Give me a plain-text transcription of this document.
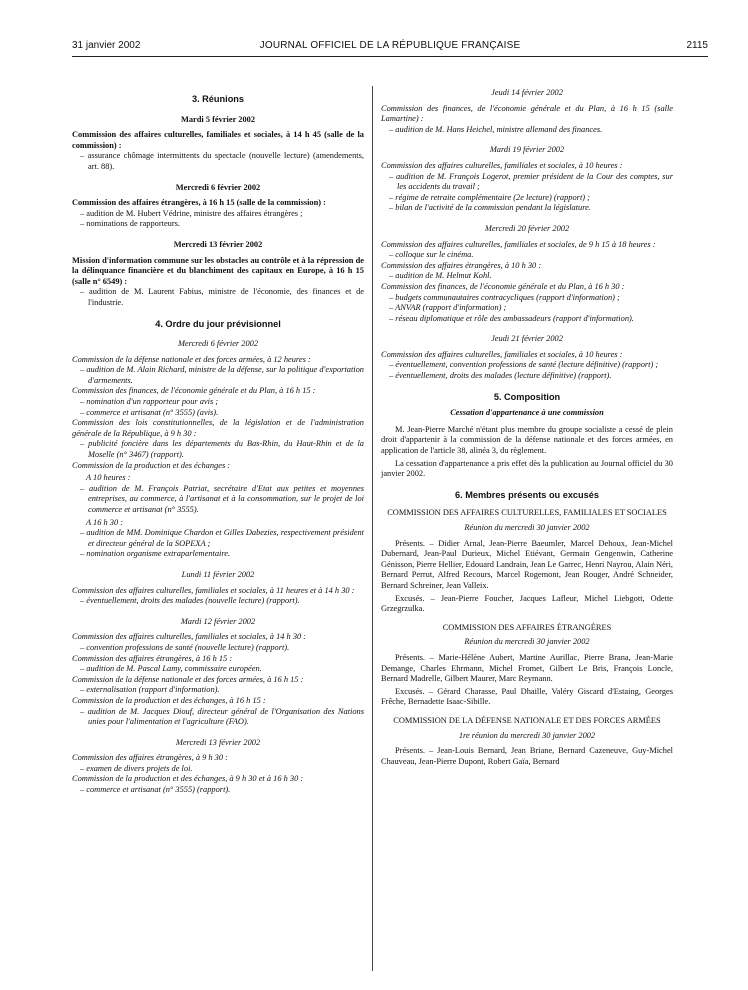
31 janvier 2002	JOURNAL OFFICIEL DE LA RÉPUBLIQUE FRANÇAISE	2115
3. Réunions
Mardi 5 février 2002
Commission des affaires culturelles, familiales et sociales, à 14 h 45 (salle de la commission) :
– assurance chômage intermittents du spectacle (nouvelle lecture) (amendements, art. 88).
Mercredi 6 février 2002
Commission des affaires étrangères, à 16 h 15 (salle de la commission) :
– audition de M. Hubert Védrine, ministre des affaires étrangères ;
– nominations de rapporteurs.
Mercredi 13 février 2002
Mission d'information commune sur les obstacles au contrôle et à la répression de la délinquance financière et du blanchiment des capitaux en Europe, à 16 h 15 (salle n° 6549) :
– audition de M. Laurent Fabius, ministre de l'économie, des finances et de l'industrie.
4. Ordre du jour prévisionnel
Mercredi 6 février 2002
Commission de la défense nationale et des forces armées, à 12 heures :
– audition de M. Alain Richard, ministre de la défense, sur la politique d'exportation d'armements.
Commission des finances, de l'économie générale et du Plan, à 16 h 15 :
– nomination d'un rapporteur pour avis ;
– commerce et artisanat (n° 3555) (avis).
Commission des lois constitutionnelles, de la législation et de l'administration générale de la République, à 9 h 30 :
– publicité foncière dans les départements du Bas-Rhin, du Haut-Rhin et de la Moselle (n° 3467) (rapport).
Commission de la production et des échanges :
A 10 heures :
– audition de M. François Patriat, secrétaire d'Etat aux petites et moyennes entreprises, au commerce, à l'artisanat et à la consommation, sur le projet de loi commerce et artisanat (n° 3555).
A 16 h 30 :
– audition de MM. Dominique Chardon et Gilles Dabezies, respectivement président et directeur général de la SOPEXA ;
– nomination organisme extraparlementaire.
Lundi 11 février 2002
Commission des affaires culturelles, familiales et sociales, à 11 heures et à 14 h 30 :
– éventuellement, droits des malades (nouvelle lecture) (rapport).
Mardi 12 février 2002
Commission des affaires culturelles, familiales et sociales, à 14 h 30 :
– convention professions de santé (nouvelle lecture) (rapport).
Commission des affaires étrangères, à 16 h 15 :
– audition de M. Pascal Lamy, commissaire européen.
Commission de la défense nationale et des forces armées, à 16 h 15 :
– externalisation (rapport d'information).
Commission de la production et des échanges, à 16 h 15 :
– audition de M. Jacques Diouf, directeur général de l'Organisation des Nations unies pour l'alimentation et l'agriculture (FAO).
Mercredi 13 février 2002
Commission des affaires étrangères, à 9 h 30 :
– examen de divers projets de loi.
Commission de la production et des échanges, à 9 h 30 et à 16 h 30 :
– commerce et artisanat (n° 3555) (rapport).
Jeudi 14 février 2002
Commission des finances, de l'économie générale et du Plan, à 16 h 15 (salle Lamartine) :
– audition de M. Hans Heichel, ministre allemand des finances.
Mardi 19 février 2002
Commission des affaires culturelles, familiales et sociales, à 10 heures :
– audition de M. François Logerot, premier président de la Cour des comptes, sur les accidents du travail ;
– régime de retraite complémentaire (2e lecture) (rapport) ;
– bilan de l'activité de la commission pendant la législature.
Mercredi 20 février 2002
Commission des affaires culturelles, familiales et sociales, de 9 h 15 à 18 heures :
– colloque sur le cinéma.
Commission des affaires étrangères, à 10 h 30 :
– audition de M. Helmut Kohl.
Commission des finances, de l'économie générale et du Plan, à 16 h 30 :
– budgets communautaires contracycliques (rapport d'information) ;
– ANVAR (rapport d'information) ;
– réseau diplomatique et rôle des ambassadeurs (rapport d'information).
Jeudi 21 février 2002
Commission des affaires culturelles, familiales et sociales, à 10 heures :
– éventuellement, convention professions de santé (lecture définitive) (rapport) ;
– éventuellement, droits des malades (lecture définitive) (rapport).
5. Composition
Cessation d'appartenance à une commission
M. Jean-Pierre Marché n'étant plus membre du groupe socialiste a cessé de plein droit d'appartenir à la commission de la défense nationale et des forces armées, en application de l'article 38, alinéa 3, du règlement.
La cessation d'appartenance a pris effet dès la publication au Journal officiel du 30 janvier 2002.
6. Membres présents ou excusés
COMMISSION DES AFFAIRES CULTURELLES, FAMILIALES ET SOCIALES
Réunion du mercredi 30 janvier 2002
Présents. – Didier Arnal, Jean-Pierre Baeumler, Marcel Dehoux, Jean-Michel Dubernard, Jean-Paul Durieux, Michel Etiévant, Germain Gengenwin, Catherine Génisson, Pierre Hellier, Edouard Landrain, Jean Le Garrec, Henri Nayrou, Alain Néri, Bernard Perrut, Alfred Recours, Marcel Rogemont, Jean Rouger, André Schneider, Bernard Schreiner, Jean Valleix.
Excusés. – Jean-Pierre Foucher, Jacques Lafleur, Michel Liebgott, Odette Grzegrzulka.
COMMISSION DES AFFAIRES ÉTRANGÈRES
Réunion du mercredi 30 janvier 2002
Présents. – Marie-Hélène Aubert, Martine Aurillac, Pierre Brana, Jean-Marie Demange, Charles Ehrmann, Michel Fromet, Gilbert Le Bris, François Loncle, Bernard Madrelle, Gilbert Maurer, Marc Reymann.
Excusés. – Gérard Charasse, Paul Dhaille, Valéry Giscard d'Estaing, Georges Frêche, Bernadette Isaac-Sibille.
COMMISSION DE LA DÉFENSE NATIONALE ET DES FORCES ARMÉES
1re réunion du mercredi 30 janvier 2002
Présents. – Jean-Louis Bernard, Jean Briane, Bernard Cazeneuve, Guy-Michel Chauveau, Jean-Pierre Dupont, Robert Gaïa, Bernard
